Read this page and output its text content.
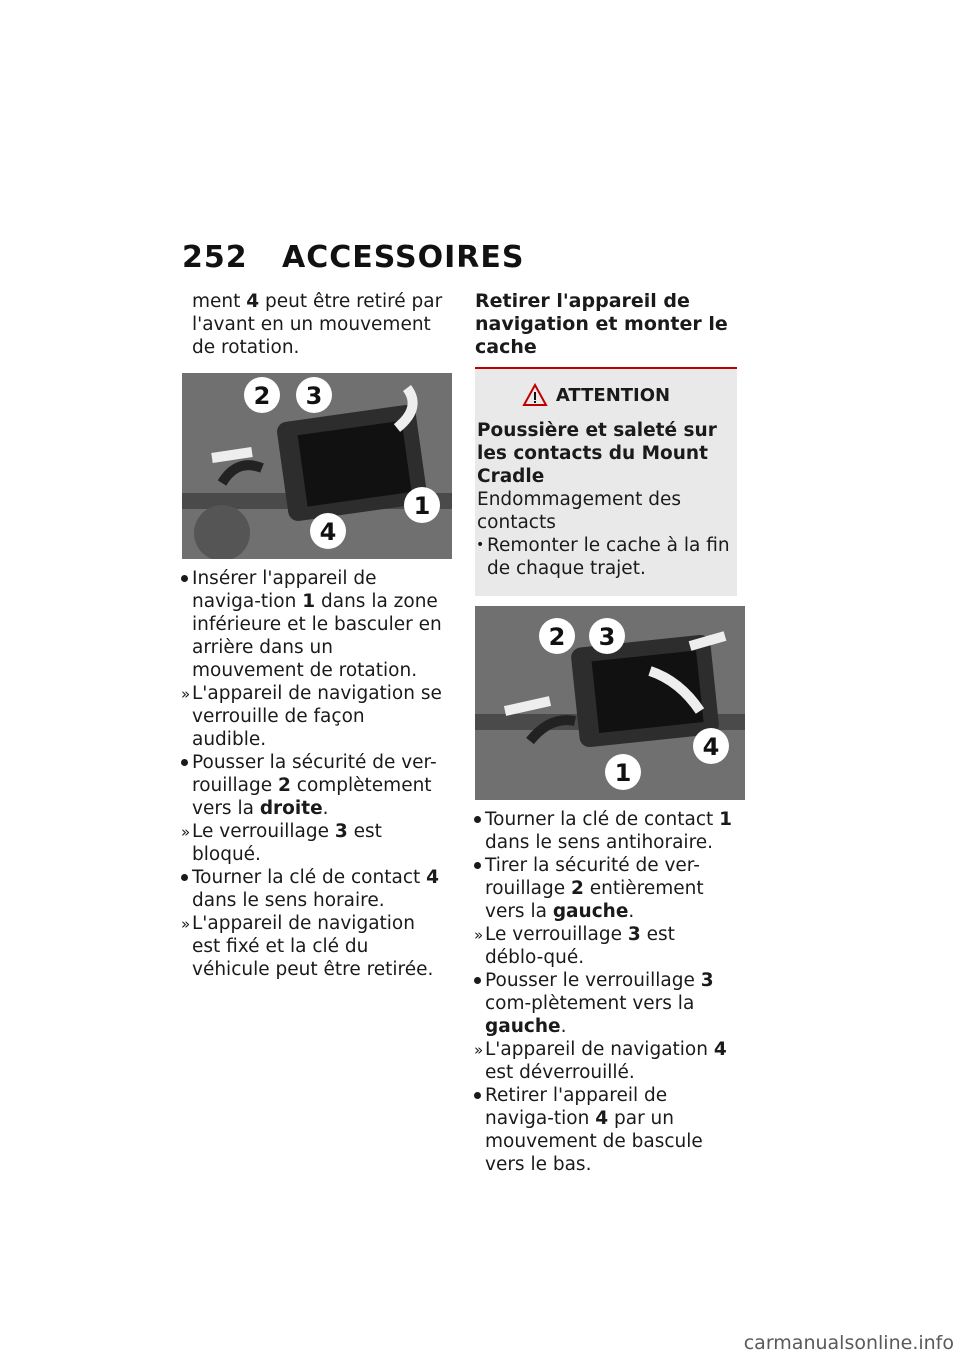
252 ACCESSOIRES

ment 4 peut être retiré par l'avant en un mouvement de rotation.

2 3
1
4
Insérer l'appareil de naviga-tion 1 dans la zone inférieure et le basculer en arrière dans un mouvement de rotation.
» L'appareil de navigation se verrouille de façon audible.
Pousser la sécurité de ver-rouillage 2 complètement vers la droite.
» Le verrouillage 3 est bloqué.
Tourner la clé de contact 4 dans le sens horaire.
» L'appareil de navigation est fixé et la clé du véhicule peut être retirée.
Retirer l'appareil de navigation et monter le cache
ATTENTION

Poussière et saleté sur les contacts du Mount Cradle

Endommagement des contacts

• Remonter le cache à la fin de chaque trajet.
2 3
4
1
Tourner la clé de contact 1 dans le sens antihoraire.
Tirer la sécurité de ver-rouillage 2 entièrement vers la gauche.
» Le verrouillage 3 est déblo-qué.
Pousser le verrouillage 3 com-plètement vers la gauche.
» L'appareil de navigation 4 est déverrouillé.
Retirer l'appareil de naviga-tion 4 par un mouvement de bascule vers le bas.
carmanualsonline.info
